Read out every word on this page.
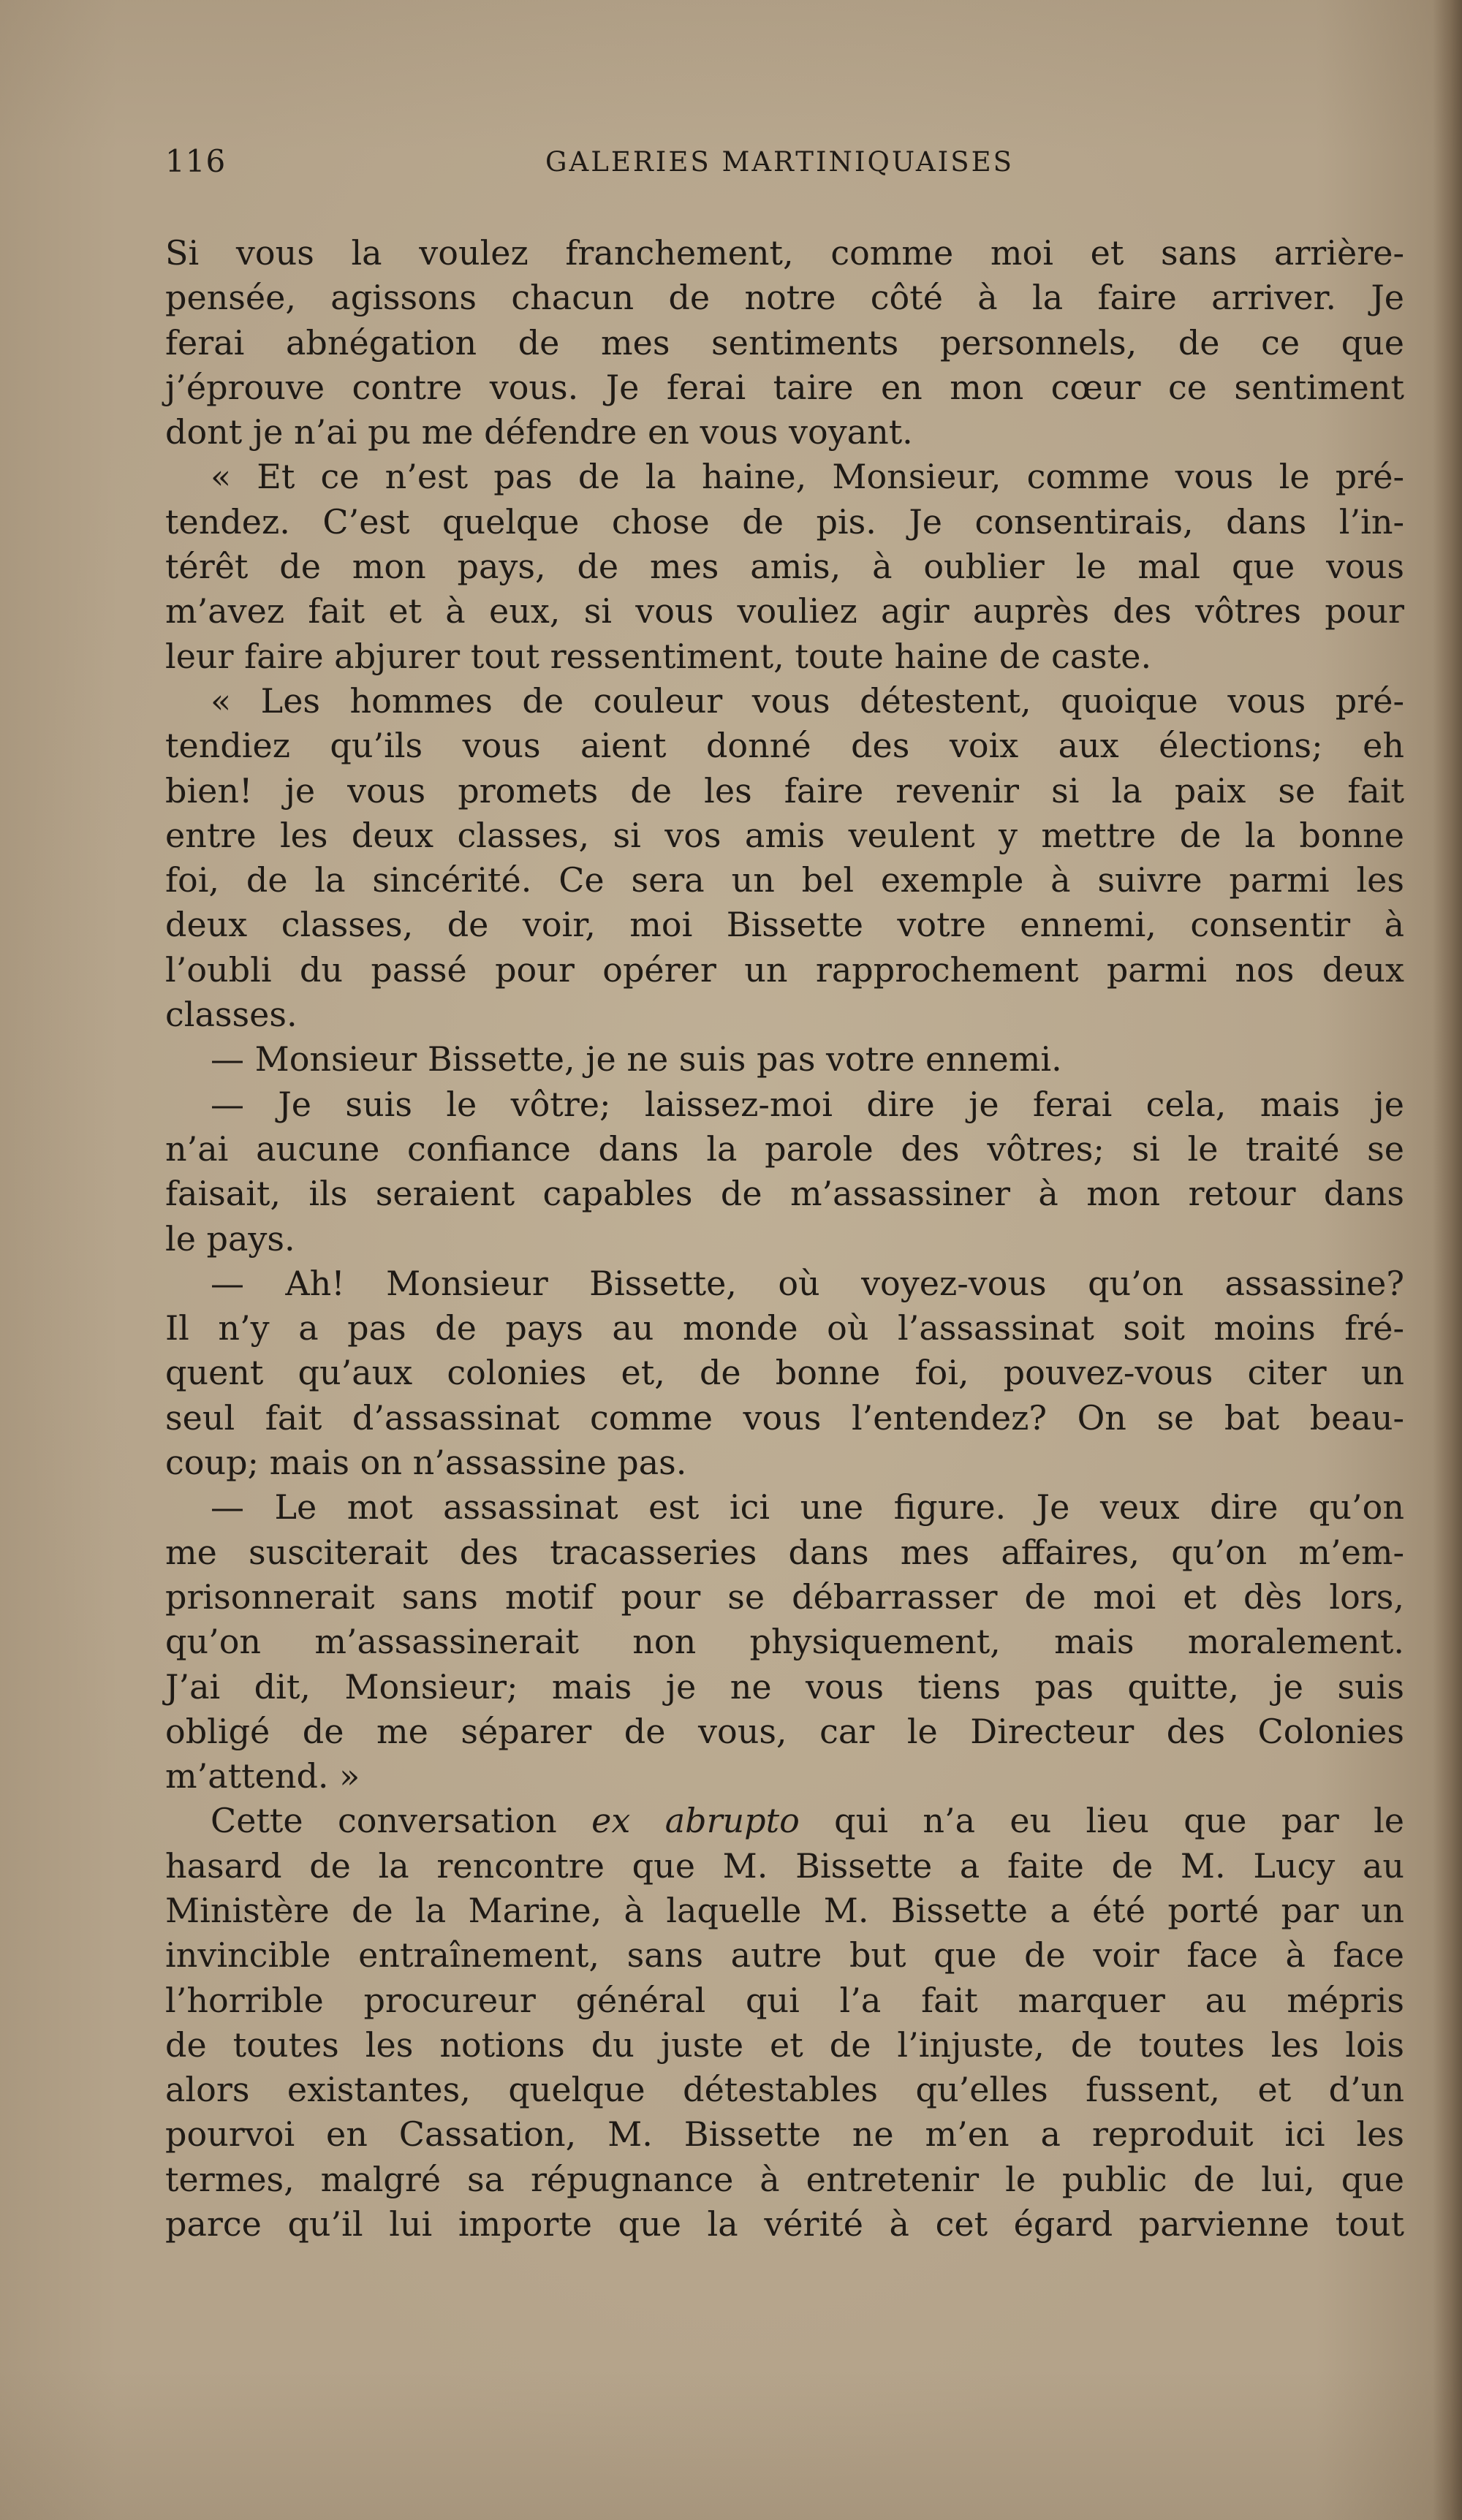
116	GALERIES MARTINIQUAISES
Si vous la voulez franchement, comme moi et sans arrière-
pensée, agissons chacun de notre côté à la faire arriver. Je
ferai abnégation de mes sentiments personnels, de ce que
j’éprouve contre vous. Je ferai taire en mon cœur ce sentiment
dont je n’ai pu me défendre en vous voyant.
« Et ce n’est pas de la haine, Monsieur, comme vous le pré-
tendez. C’est quelque chose de pis. Je consentirais, dans l’in-
térêt de mon pays, de mes amis, à oublier le mal que vous
m’avez fait et à eux, si vous vouliez agir auprès des vôtres pour
leur faire abjurer tout ressentiment, toute haine de caste.
« Les hommes de couleur vous détestent, quoique vous pré-
tendiez qu’ils vous aient donné des voix aux élections; eh
bien! je vous promets de les faire revenir si la paix se fait
entre les deux classes, si vos amis veulent y mettre de la bonne
foi, de la sincérité. Ce sera un bel exemple à suivre parmi les
deux classes, de voir, moi Bissette votre ennemi, consentir à
l’oubli du passé pour opérer un rapprochement parmi nos deux
classes.
— Monsieur Bissette, je ne suis pas votre ennemi.
— Je suis le vôtre; laissez-moi dire je ferai cela, mais je
n’ai aucune confiance dans la parole des vôtres; si le traité se
faisait, ils seraient capables de m’assassiner à mon retour dans
le pays.
— Ah! Monsieur Bissette, où voyez-vous qu’on assassine?
Il n’y a pas de pays au monde où l’assassinat soit moins fré-
quent qu’aux colonies et, de bonne foi, pouvez-vous citer un
seul fait d’assassinat comme vous l’entendez? On se bat beau-
coup; mais on n’assassine pas.
— Le mot assassinat est ici une figure. Je veux dire qu’on
me susciterait des tracasseries dans mes affaires, qu’on m’em-
prisonnerait sans motif pour se débarrasser de moi et dès lors,
qu’on m’assassinerait non physiquement, mais moralement.
J’ai dit, Monsieur; mais je ne vous tiens pas quitte, je suis
obligé de me séparer de vous, car le Directeur des Colonies
m’attend. »
Cette conversation ex abrupto qui n’a eu lieu que par le
hasard de la rencontre que M. Bissette a faite de M. Lucy au
Ministère de la Marine, à laquelle M. Bissette a été porté par un
invincible entraînement, sans autre but que de voir face à face
l’horrible procureur général qui l’a fait marquer au mépris
de toutes les notions du juste et de l’injuste, de toutes les lois
alors existantes, quelque détestables qu’elles fussent, et d’un
pourvoi en Cassation, M. Bissette ne m’en a reproduit ici les
termes, malgré sa répugnance à entretenir le public de lui, que
parce qu’il lui importe que la vérité à cet égard parvienne tout
